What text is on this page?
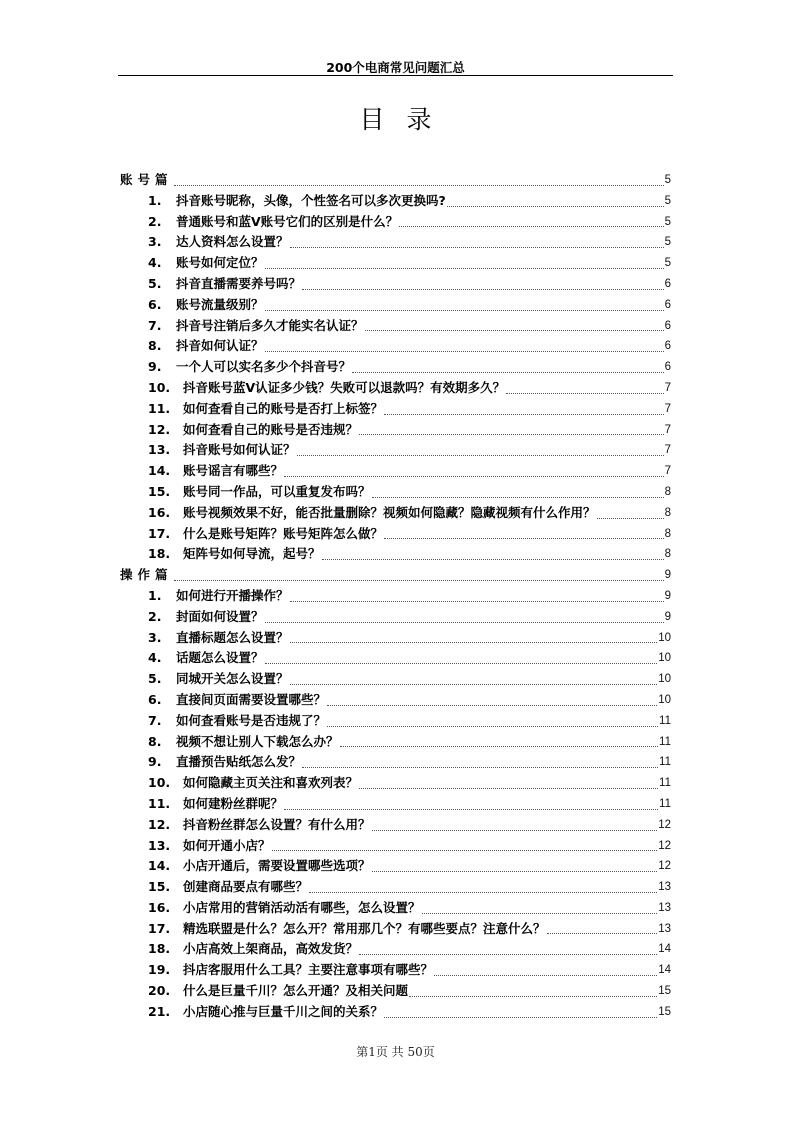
200个电商常见问题汇总
目录
账号篇	5
1.	抖音账号昵称，头像，个性签名可以多次更换吗?	5
2.	普通账号和蓝V账号它们的区别是什么？	5
3.	达人资料怎么设置？	5
4.	账号如何定位？	5
5.	抖音直播需要养号吗？	6
6.	账号流量级别？	6
7.	抖音号注销后多久才能实名认证？	6
8.	抖音如何认证？	6
9.	一个人可以实名多少个抖音号？	6
10.	抖音账号蓝V认证多少钱？失败可以退款吗？有效期多久？	7
11.	如何查看自己的账号是否打上标签？	7
12.	如何查看自己的账号是否违规？	7
13.	抖音账号如何认证？	7
14.	账号谣言有哪些？	7
15.	账号同一作品，可以重复发布吗？	8
16.	账号视频效果不好，能否批量删除？视频如何隐藏？隐藏视频有什么作用？	8
17.	什么是账号矩阵？账号矩阵怎么做？	8
18.	矩阵号如何导流，起号？	8
操作篇	9
1.	如何进行开播操作？	9
2.	封面如何设置？	9
3.	直播标题怎么设置？	10
4.	话题怎么设置？	10
5.	同城开关怎么设置？	10
6.	直接间页面需要设置哪些？	10
7.	如何查看账号是否违规了？	11
8.	视频不想让别人下载怎么办？	11
9.	直播预告贴纸怎么发？	11
10.	如何隐藏主页关注和喜欢列表？	11
11.	如何建粉丝群呢？	11
12.	抖音粉丝群怎么设置？有什么用？	12
13.	如何开通小店？	12
14.	小店开通后，需要设置哪些选项？	12
15.	创建商品要点有哪些？	13
16.	小店常用的营销活动活有哪些，怎么设置？	13
17.	精选联盟是什么？怎么开？常用那几个？有哪些要点？注意什么？	13
18.	小店高效上架商品，高效发货？	14
19.	抖店客服用什么工具？主要注意事项有哪些？	14
20.	什么是巨量千川？怎么开通？及相关问题	15
21.	小店随心推与巨量千川之间的关系？	15
第1页 共 50页
